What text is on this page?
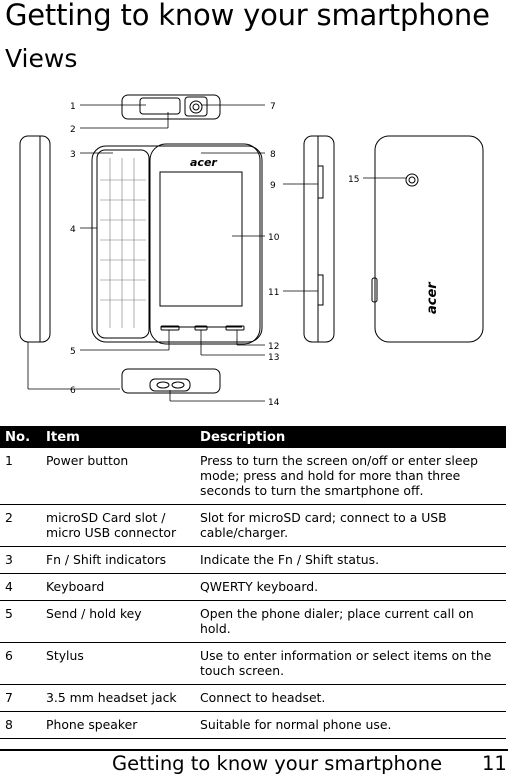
Getting to know your smartphone
Views
acer
acer
1
2
3
4
5
6
7
8
9
10
11
12
13
14
15
No.	Item	Description
1	Power button	Press to turn the screen on/off or enter sleep mode; press and hold for more than three seconds to turn the smartphone off.
2	microSD Card slot / micro USB connector	Slot for microSD card; connect to a USB cable/charger.
3	Fn / Shift indicators	Indicate the Fn / Shift status.
4	Keyboard	QWERTY keyboard.
5	Send / hold key	Open the phone dialer; place current call on hold.
6	Stylus	Use to enter information or select items on the touch screen.
7	3.5 mm headset jack	Connect to headset.
8	Phone speaker	Suitable for normal phone use.
Getting to know your smartphone 11
